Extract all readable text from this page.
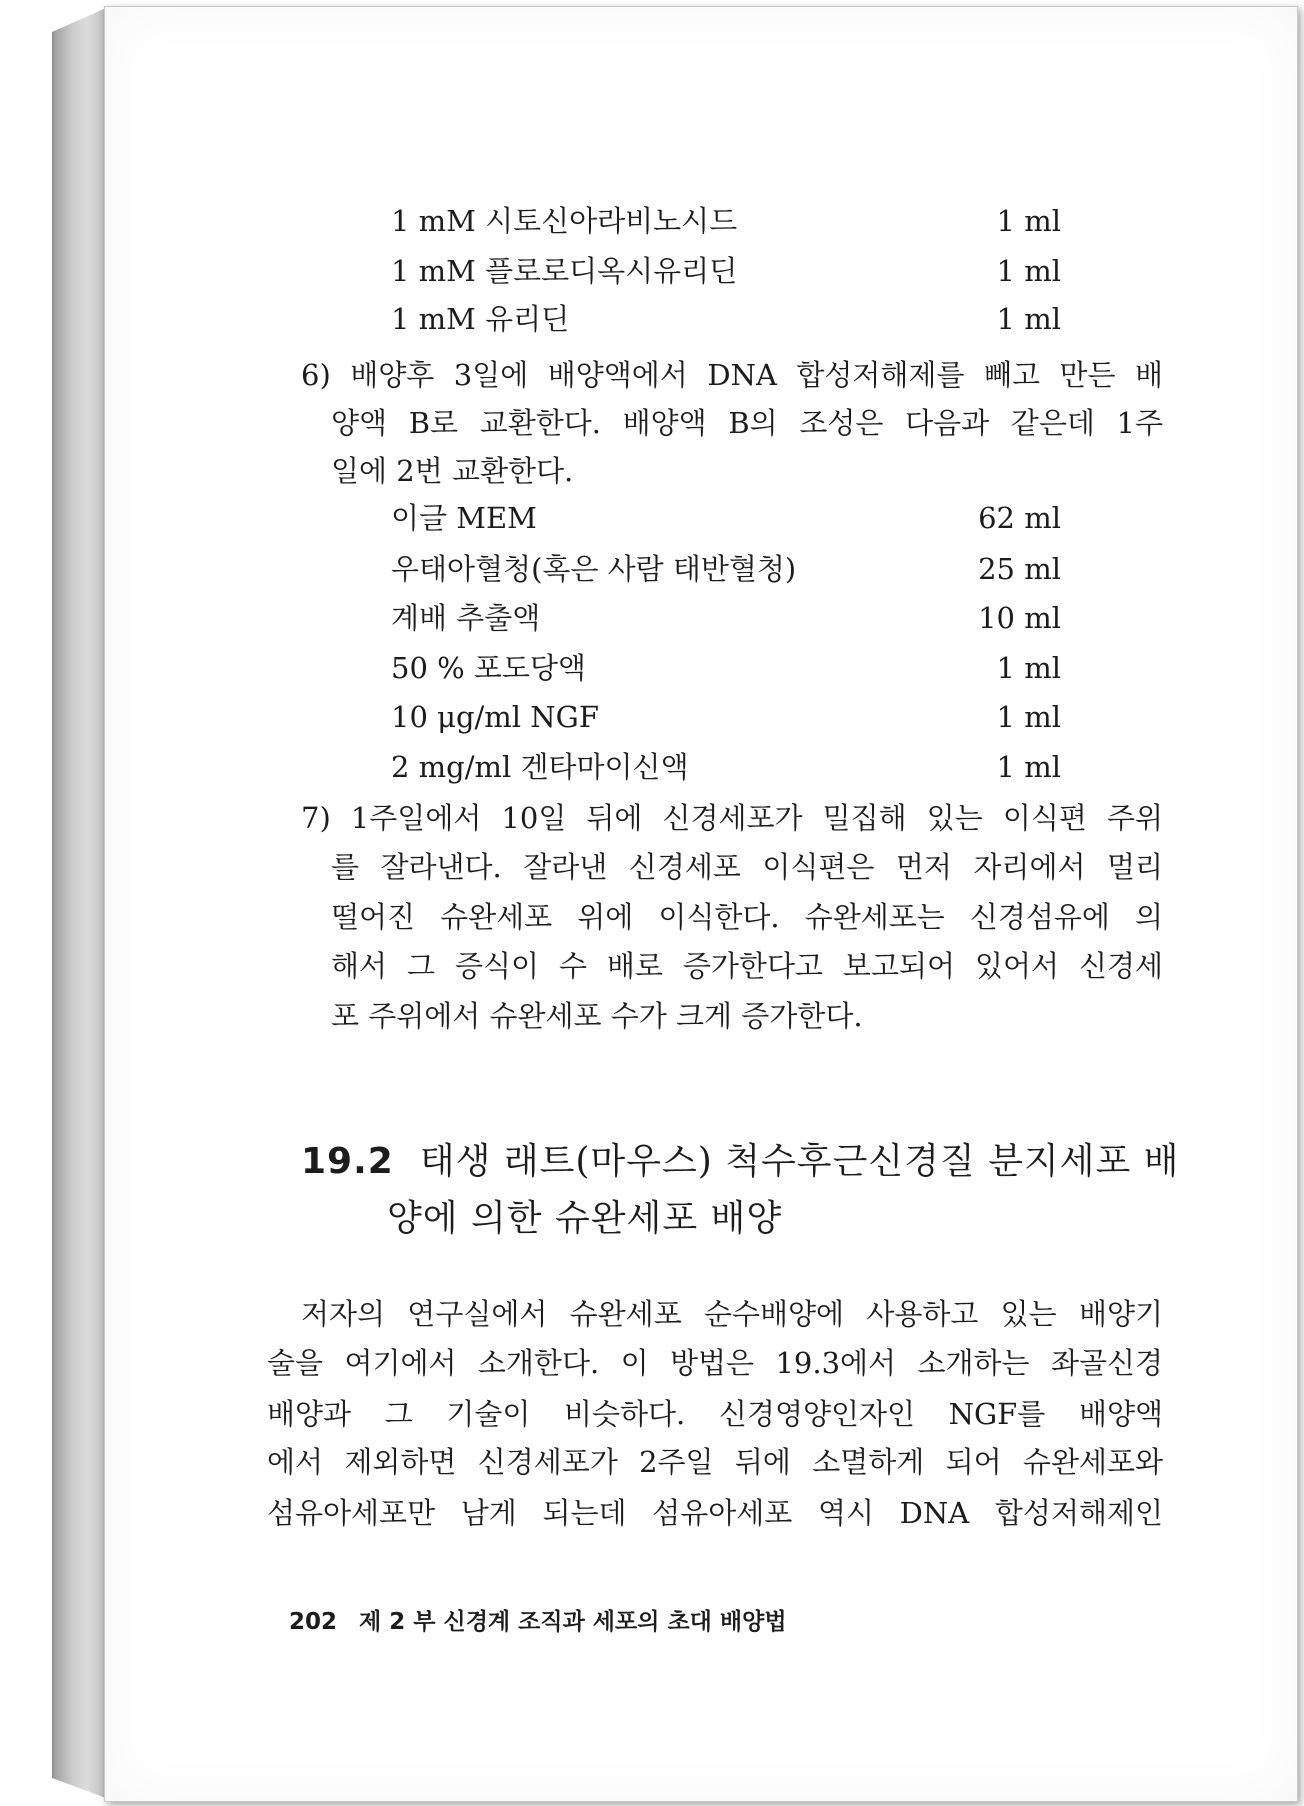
1 mM 시토신아라비노시드	1 ml
1 mM 플로로디옥시유리딘	1 ml
1 mM 유리딘	1 ml
6) 배양후 3일에 배양액에서 DNA 합성저해제를 빼고 만든 배
양액 B로 교환한다. 배양액 B의 조성은 다음과 같은데 1주
일에 2번 교환한다.
이글 MEM	62 ml
우태아혈청(혹은 사람 태반혈청)	25 ml
계배 추출액	10 ml
50 % 포도당액	1 ml
10 μg/ml NGF	1 ml
2 mg/ml 겐타마이신액	1 ml
7) 1주일에서 10일 뒤에 신경세포가 밀집해 있는 이식편 주위
를 잘라낸다. 잘라낸 신경세포 이식편은 먼저 자리에서 멀리
떨어진 슈완세포 위에 이식한다. 슈완세포는 신경섬유에 의
해서 그 증식이 수 배로 증가한다고 보고되어 있어서 신경세
포 주위에서 슈완세포 수가 크게 증가한다.
19.2 태생 래트(마우스) 척수후근신경질 분지세포 배
양에 의한 슈완세포 배양
저자의 연구실에서 슈완세포 순수배양에 사용하고 있는 배양기
술을 여기에서 소개한다. 이 방법은 19.3에서 소개하는 좌골신경
배양과 그 기술이 비슷하다. 신경영양인자인 NGF를 배양액
에서 제외하면 신경세포가 2주일 뒤에 소멸하게 되어 슈완세포와
섬유아세포만 남게 되는데 섬유아세포 역시 DNA 합성저해제인
202 제 2 부 신경계 조직과 세포의 초대 배양법
